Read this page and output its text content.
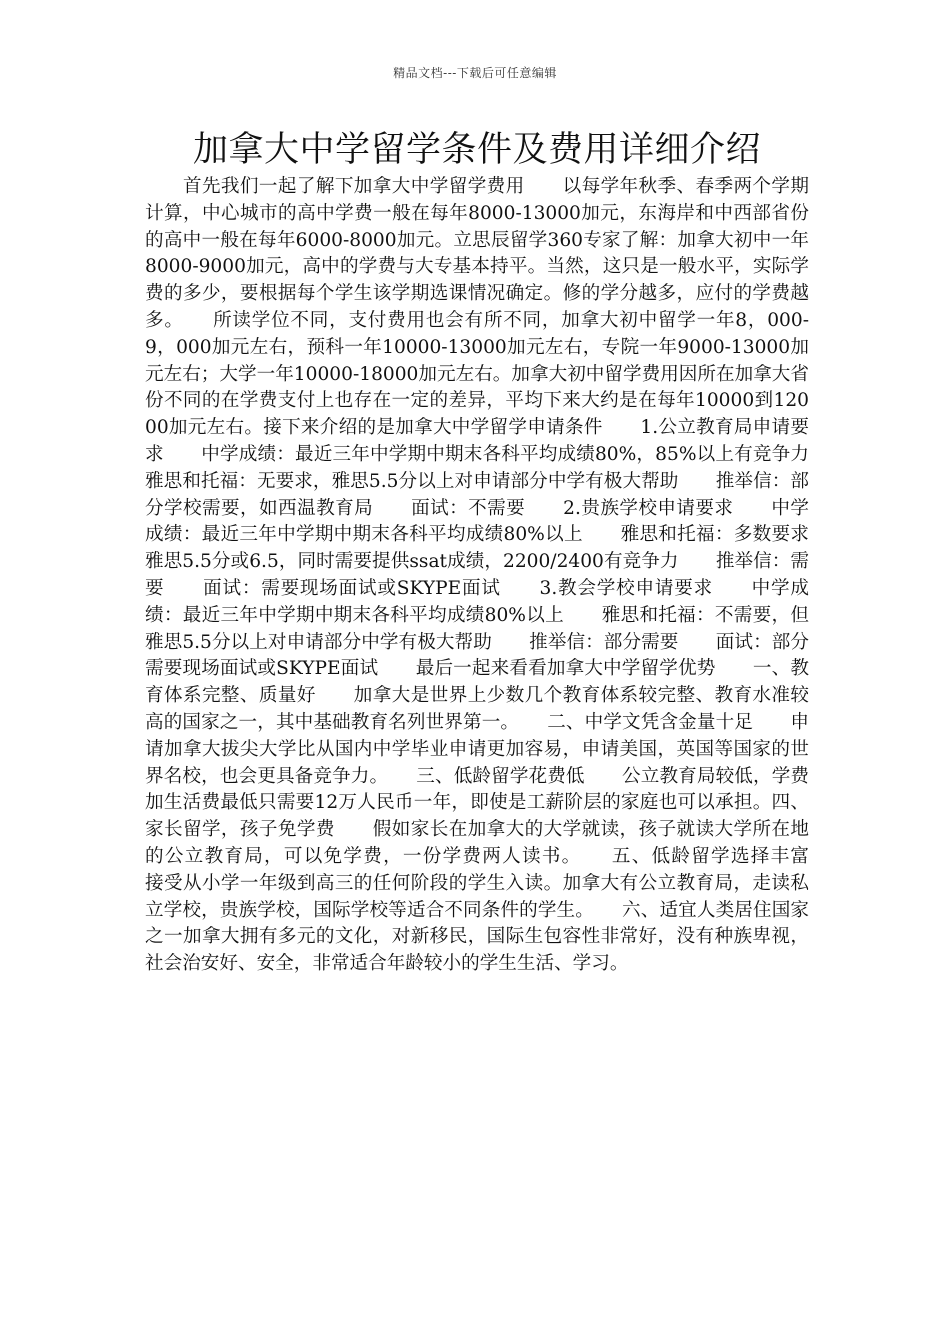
精品文档---下载后可任意编辑
加拿大中学留学条件及费用详细介绍

　　首先我们一起了解下加拿大中学留学费用　　以每学年秋季、春季两个学期计算，中心城市的高中学费一般在每年8000-13000加元，东海岸和中西部省份的高中一般在每年6000-8000加元。立思辰留学360专家了解：加拿大初中一年8000-9000加元，高中的学费与大专基本持平。当然，这只是一般水平，实际学费的多少，要根据每个学生该学期选课情况确定。修的学分越多，应付的学费越多。　　所读学位不同，支付费用也会有所不同，加拿大初中留学一年8，000-9，000加元左右，预科一年10000-13000加元左右，专院一年9000-13000加元左右；大学一年10000-18000加元左右。加拿大初中留学费用因所在加拿大省份不同的在学费支付上也存在一定的差异，平均下来大约是在每年10000到12000加元左右。接下来介绍的是加拿大中学留学申请条件　　1.公立教育局申请要求　　中学成绩：最近三年中学期中期末各科平均成绩80%，85%以上有竞争力　　雅思和托福：无要求，雅思5.5分以上对申请部分中学有极大帮助　　推举信：部分学校需要，如西温教育局　　面试：不需要　　2.贵族学校申请要求　　中学成绩：最近三年中学期中期末各科平均成绩80%以上　　雅思和托福：多数要求雅思5.5分或6.5，同时需要提供ssat成绩，2200/2400有竞争力　　推举信：需要　　面试：需要现场面试或SKYPE面试　　3.教会学校申请要求　　中学成绩：最近三年中学期中期末各科平均成绩80%以上　　雅思和托福：不需要，但雅思5.5分以上对申请部分中学有极大帮助　　推举信：部分需要　　面试：部分需要现场面试或SKYPE面试　　最后一起来看看加拿大中学留学优势　　一、教育体系完整、质量好　　加拿大是世界上少数几个教育体系较完整、教育水准较高的国家之一，其中基础教育名列世界第一。　　二、中学文凭含金量十足　　申请加拿大拔尖大学比从国内中学毕业申请更加容易，申请美国，英国等国家的世界名校，也会更具备竞争力。　　三、低龄留学花费低　　公立教育局较低，学费加生活费最低只需要12万人民币一年，即使是工薪阶层的家庭也可以承担。四、家长留学，孩子免学费　　假如家长在加拿大的大学就读，孩子就读大学所在地的公立教育局，可以免学费，一份学费两人读书。　　五、低龄留学选择丰富　　接受从小学一年级到高三的任何阶段的学生入读。加拿大有公立教育局，走读私立学校，贵族学校，国际学校等适合不同条件的学生。　　六、适宜人类居住国家之一加拿大拥有多元的文化，对新移民，国际生包容性非常好，没有种族卑视，社会治安好、安全，非常适合年龄较小的学生生活、学习。
